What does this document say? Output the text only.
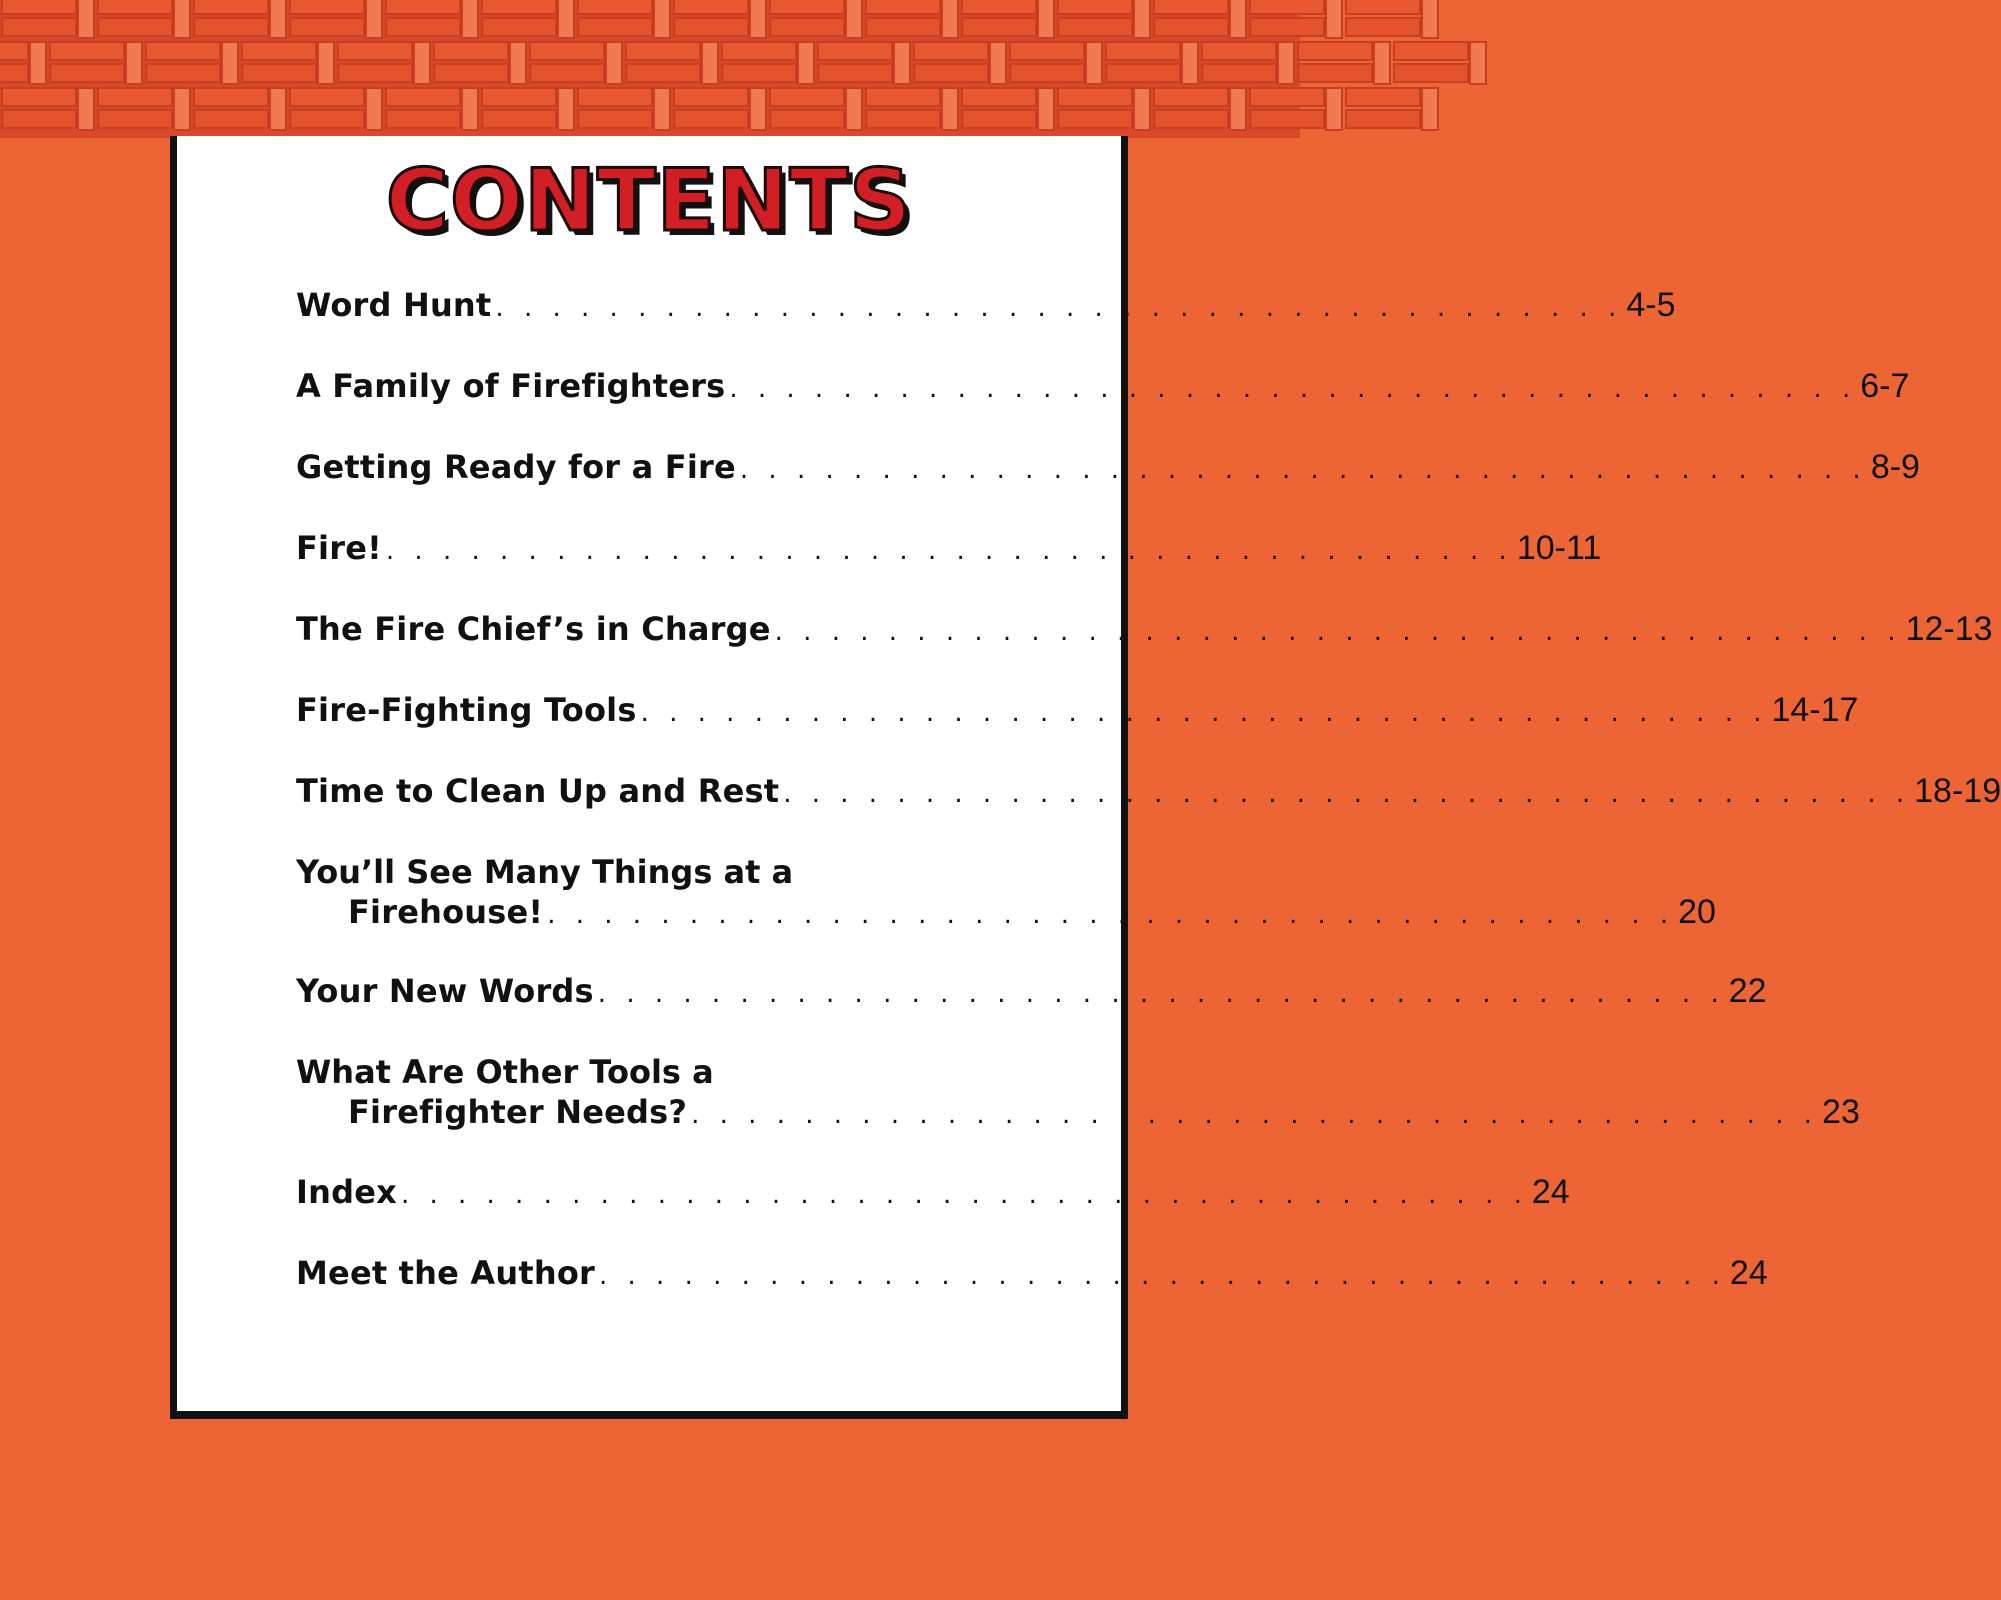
CONTENTS
Word Hunt . . . . . . . . . . . . . . . . . . . . . . . . . . . . . . . . . . . . . . . . 4-5
A Family of Firefighters . . . . . . . . . . . . . . . . . . . . . . . . . . . . . . . . . . . . . . . . 6-7
Getting Ready for a Fire . . . . . . . . . . . . . . . . . . . . . . . . . . . . . . . . . . . . . . . . 8-9
Fire! . . . . . . . . . . . . . . . . . . . . . . . . . . . . . . . . . . . . . . . . 10-11
The Fire Chief’s in Charge . . . . . . . . . . . . . . . . . . . . . . . . . . . . . . . . . . . . . . . . 12-13
Fire-Fighting Tools . . . . . . . . . . . . . . . . . . . . . . . . . . . . . . . . . . . . . . . . 14-17
Time to Clean Up and Rest . . . . . . . . . . . . . . . . . . . . . . . . . . . . . . . . . . . . . . . . 18-19
You’ll See Many Things at a
Firehouse! . . . . . . . . . . . . . . . . . . . . . . . . . . . . . . . . . . . . . . . . 20
Your New Words . . . . . . . . . . . . . . . . . . . . . . . . . . . . . . . . . . . . . . . . 22
What Are Other Tools a
Firefighter Needs? . . . . . . . . . . . . . . . . . . . . . . . . . . . . . . . . . . . . . . . . 23
Index . . . . . . . . . . . . . . . . . . . . . . . . . . . . . . . . . . . . . . . . 24
Meet the Author . . . . . . . . . . . . . . . . . . . . . . . . . . . . . . . . . . . . . . . . 24
